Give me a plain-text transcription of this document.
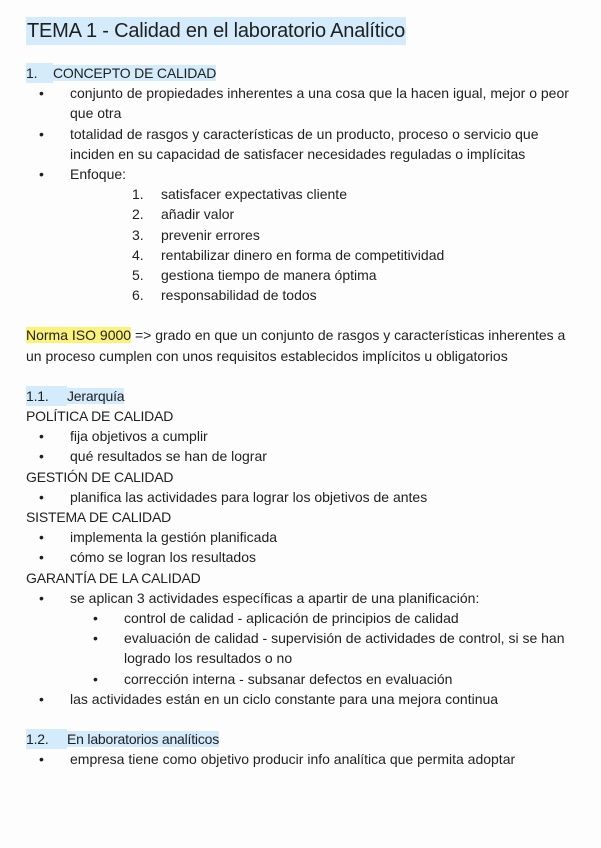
TEMA 1 - Calidad en el laboratorio Analítico
1. CONCEPTO DE CALIDAD
• conjunto de propiedades inherentes a una cosa que la hacen igual, mejor o peor que otra
• totalidad de rasgos y características de un producto, proceso o servicio que inciden en su capacidad de satisfacer necesidades reguladas o implícitas
• Enfoque:
1. satisfacer expectativas cliente
2. añadir valor
3. prevenir errores
4. rentabilizar dinero en forma de competitividad
5. gestiona tiempo de manera óptima
6. responsabilidad de todos

Norma ISO 9000 => grado en que un conjunto de rasgos y características inherentes a un proceso cumplen con unos requisitos establecidos implícitos u obligatorios

1.1. Jerarquía
POLÍTICA DE CALIDAD
• fija objetivos a cumplir
• qué resultados se han de lograr
GESTIÓN DE CALIDAD
• planifica las actividades para lograr los objetivos de antes
SISTEMA DE CALIDAD
• implementa la gestión planificada
• cómo se logran los resultados
GARANTÍA DE LA CALIDAD
• se aplican 3 actividades específicas a apartir de una planificación:
• control de calidad - aplicación de principios de calidad
• evaluación de calidad - supervisión de actividades de control, si se han logrado los resultados o no
• corrección interna - subsanar defectos en evaluación
• las actividades están en un ciclo constante para una mejora continua
1.2. En laboratorios analíticos
• empresa tiene como objetivo producir info analítica que permita adoptar
